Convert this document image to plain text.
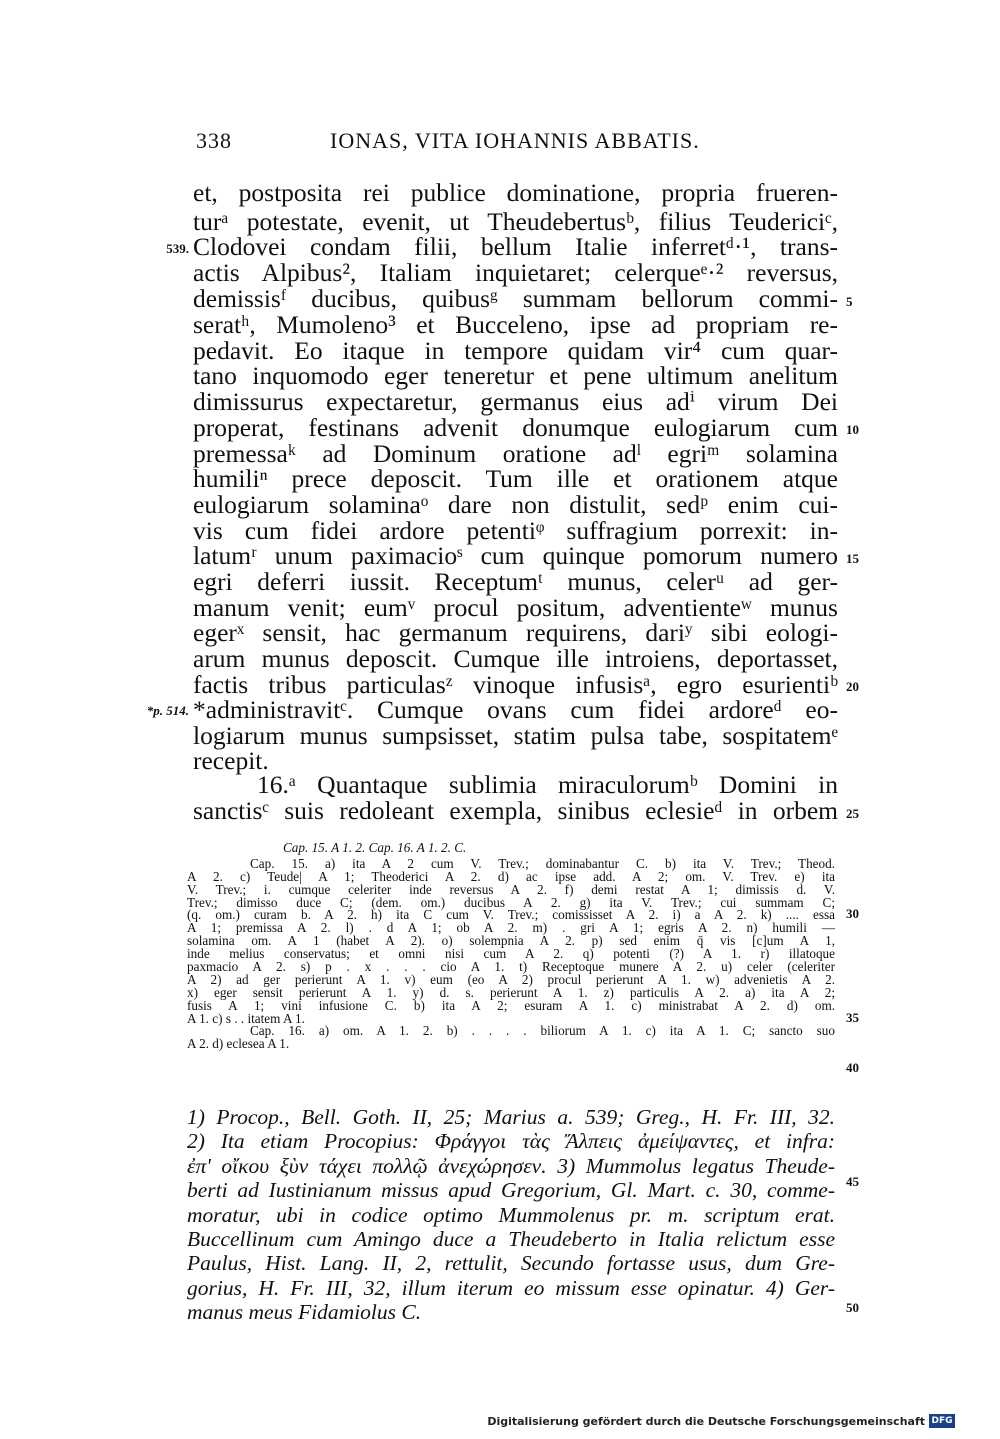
338	IONAS, VITA IOHANNIS ABBATIS.
et, postposita rei publice dominatione, propria frueren-
turᵃ potestate, evenit, ut Theudebertusᵇ, filius Teudericiᶜ,
Clodovei condam filii, bellum Italie inferretᵈ·¹, trans-
actis Alpibus², Italiam inquietaret; celerqueᵉ·² reversus,
demissisᶠ ducibus, quibusᵍ summam bellorum commi-
seratʰ, Mumoleno³ et Bucceleno, ipse ad propriam re-
pedavit. Eo itaque in tempore quidam vir⁴ cum quar-
tano inquomodo eger teneretur et pene ultimum anelitum
dimissurus expectaretur, germanus eius adⁱ virum Dei
properat, festinans advenit donumque eulogiarum cum
premessaᵏ ad Dominum oratione adˡ egriᵐ solamina
humiliⁿ prece deposcit. Tum ille et orationem atque
eulogiarum solaminaᵒ dare non distulit, sedᵖ enim cui-
vis cum fidei ardore petentiᵠ suffragium porrexit: in-
latumʳ unum paximacioˢ cum quinque pomorum numero
egri deferri iussit. Receptumᵗ munus, celerᵘ ad ger-
manum venit; eumᵛ procul positum, adventienteʷ munus
egerˣ sensit, hac germanum requirens, dariʸ sibi eologi-
arum munus deposcit. Cumque ille introiens, deportasset,
factis tribus particulasᶻ vinoque infusisᵃ, egro esurientiᵇ
*administravitᶜ. Cumque ovans cum fidei ardoreᵈ eo-
logiarum munus sumpsisset, statim pulsa tabe, sospitatemᵉ
recepit.
16.ᵃ Quantaque sublimia miraculorumᵇ Domini in
sanctisᶜ suis redoleant exempla, sinibus eclesieᵈ in orbem
539.
*p. 514.
5
10
15
20
25
Cap. 15. A 1. 2. Cap. 16. A 1. 2. C.
Cap. 15. a) ita A 2 cum V. Trev.; dominabantur C. b) ita V. Trev.; Theod.
A 2. c) Teude| A 1; Theoderici A 2. d) ac ipse add. A 2; om. V. Trev. e) ita
V. Trev.; i. cumque celeriter inde reversus A 2. f) demi restat A 1; dimissis d. V.
Trev.; dimisso duce C; (dem. om.) ducibus A 2. g) ita V. Trev.; cui summam C;
(q. om.) curam b. A 2. h) ita C cum V. Trev.; comississet A 2. i) a A 2. k) .... essa
A 1; premissa A 2. l) . d A 1; ob A 2. m) . gri A 1; egris A 2. n) humili —
solamina om. A 1 (habet A 2). o) solempnia A 2. p) sed enim q̄ vis [c]um A 1,
inde melius conservatus; et omni nisi cum A 2. q) potenti (?) A 1. r) illatoque
paxmacio A 2. s) p . x . . . cio A 1. t) Receptoque munere A 2. u) celer (celeriter
A 2) ad ger perierunt A 1. v) eum (eo A 2) procul perierunt A 1. w) advenietis A 2.
x) eger sensit perierunt A 1. y) d. s. perierunt A 1. z) particulis A 2. a) ita A 2;
fusis A 1; vini infusione C. b) ita A 2; esuram A 1. c) ministrabat A 2. d) om.
A 1. c) s . . itatem A 1.
Cap. 16. a) om. A 1. 2. b) . . . . biliorum A 1. c) ita A 1. C; sancto suo
A 2. d) eclesea A 1.
30
35
40
1) Procop., Bell. Goth. II, 25; Marius a. 539; Greg., H. Fr. III, 32.
2) Ita etiam Procopius: Φράγγοι τὰς Ἄλπεις ἀμείψαντες, et infra:
ἐπ' οἴκου ξὺν τάχει πολλῷ ἀνεχώρησεν. 3) Mummolus legatus Theude-
berti ad Iustinianum missus apud Gregorium, Gl. Mart. c. 30, comme-
moratur, ubi in codice optimo Mummolenus pr. m. scriptum erat.
Buccellinum cum Amingo duce a Theudeberto in Italia relictum esse
Paulus, Hist. Lang. II, 2, rettulit, Secundo fortasse usus, dum Gre-
gorius, H. Fr. III, 32, illum iterum eo missum esse opinatur. 4) Ger-
manus meus Fidamiolus C.
45
50
Digitalisierung gefördert durch die Deutsche Forschungsgemeinschaft DFG
